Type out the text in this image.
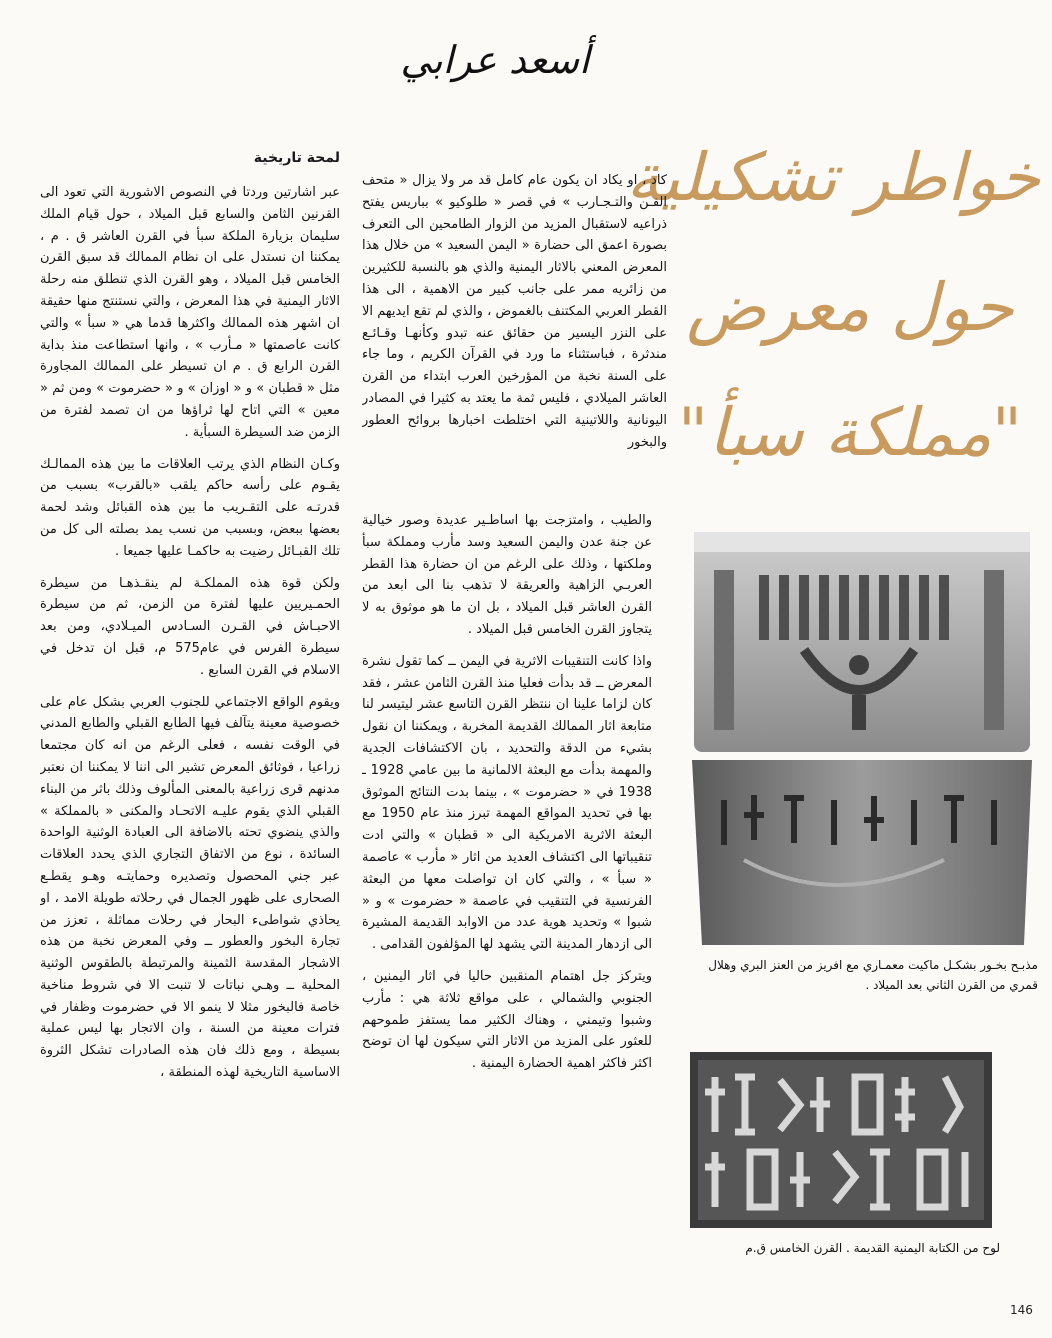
أسعد عرابي
خواطر تشكيلية
حول معرض
"مملكة سبأ"

كاد ، او يكاد ان يكون عام كامل قد مر ولا يزال « متحف الفـن والتـجـارب » في قصر « طلوكيو » بباريس يفتح ذراعيه لاستقبال المزيد من الزوار الطامحين الى التعرف بصورة اعمق الى حضارة « اليمن السعيد » من خلال هذا المعرض المعني بالاثار اليمنية والذي هو بالنسبة للكثيرين من زائريه ممر على جانب كبير من الاهمية ، الى هذا القطر العربي المكتنف بالغموض ، والذي لم تقع ايديهم الا على النزر اليسير من حقائق عنه تبدو وكأنهـا وقـائـع مندثرة ، فباستثناء ما ورد في القرآن الكريم ، وما جاء على السنة نخبة من المؤرخين العرب ابتداء من القرن العاشر الميلادي ، فليس ثمة ما يعتد به كثيرا في المصادر اليونانية واللاتينية التي اختلطت اخبارها بروائح العطور والبخور

والطيب ، وامتزجت بها اساطـير عديدة وصور خيالية عن جنة عدن واليمن السعيد وسد مأرب ومملكة سبأ وملكتها ، وذلك على الرغم من ان حضارة هذا القطر العربـي الزاهية والعريقة لا تذهب بنا الى ابعد من القرن العاشر قبل الميلاد ، بل ان ما هو موثوق به لا يتجاوز القرن الخامس قبل الميلاد .

واذا كانت التنقيبات الاثرية في اليمن ــ كما تقول نشرة المعرض ــ قد بدأت فعليا منذ القرن الثامن عشر ، فقد كان لزاما علينا ان ننتظر القرن التاسع عشر ليتيسر لنا متابعة اثار الممالك القديمة المخربة ، ويمكننا ان نقول بشيء من الدقة والتحديد ، بان الاكتشافات الجدية والمهمة بدأت مع البعثة الالمانية ما بين عامي 1928 ـ 1938 في « حضرموت » ، بينما بدت النتائج الموثوق بها في تحديد المواقع المهمة تبرز منذ عام 1950 مع البعثة الاثرية الامريكية الى « قطبان » والتي ادت تنقيباتها الى اكتشاف العديد من اثار « مأرب » عاصمة « سبأ » ، والتي كان ان تواصلت معها من البعثة الفرنسية في التنقيب في عاصمة « حضرموت » و « شبوا » وتحديد هوية عدد من الاوابد القديمة المشيرة الى ازدهار المدينة التي يشهد لها المؤلفون القدامى .

ويتركز جل اهتمام المنقبين حاليا في اثار اليمنين ، الجنوبي والشمالي ، على مواقع ثلاثة هي : مأرب وشبوا وتيمني ، وهناك الكثير مما يستفز طموحهم للعثور على المزيد من الاثار التي سيكون لها ان توضح اكثر فاكثر اهمية الحضارة اليمنية .

لمحة تاريخية

عبر اشارتين وردتا في النصوص الاشورية التي تعود الى القرنين الثامن والسابع قبل الميلاد ، حول قيام الملك سليمان بزيارة الملكة سبأ في القرن العاشر ق . م ، يمكننا ان نستدل على ان نظام الممالك قد سبق القرن الخامس قبل الميلاد ، وهو القرن الذي تنطلق منه رحلة الاثار اليمنية في هذا المعرض ، والتي نستنتج منها حقيقة ان اشهر هذه الممالك واكثرها قدما هي « سبأ » والتي كانت عاصمتها « مـأرب » ، وانها استطاعت منذ بداية القرن الرابع ق . م ان تسيطر على الممالك المجاورة مثل « قطبان » و « اوزان » و « حضرموت » ومن ثم « معين » التي اتاح لها ثراؤها من ان تصمد لفترة من الزمن ضد السيطرة السبأية .

وكـان النظام الذي يرتب العلاقات ما بين هذه الممالـك يقـوم على رأسه حاكم يلقب «بالقرب» بسبب من قدرتـه على التقـريب ما بين هذه القبائل وشد لحمة بعضها ببعض، وبسبب من نسب يمد بصلته الى كل من تلك القبـائل رضيت به حاكمـا عليها جميعا .

ولكن قوة هذه المملكـة لم ينقـذهـا من سيطرة الحمـيريين عليها لفترة من الزمن، ثم من سيطرة الاحبـاش في القـرن السـادس الميـلادي، ومن بعد سيطرة الفرس في عام575 م، قبل ان تدخل في الاسلام في القرن السابع .

ويقوم الواقع الاجتماعي للجنوب العربي بشكل عام على خصوصية معينة يتآلف فيها الطابع القبلي والطابع المدني في الوقت نفسه ، فعلى الرغم من انه كان مجتمعا زراعيا ، فوثائق المعرض تشير الى اننا لا يمكننا ان نعتبر مدنهم قرى زراعية بالمعنى المألوف وذلك باثر من البناء القبلي الذي يقوم عليـه الاتحـاد والمكنى « بالمملكة » والذي ينضوي تحته بالاضافة الى العبادة الوثنية الواحدة السائدة ، نوع من الاتفاق التجاري الذي يحدد العلاقات عبر جني المحصول وتصديره وحمايتـه وهـو يقطـع الصحارى على ظهور الجمال في رحلاته طويلة الامد ، او يحاذي شواطىء البحار في رحلات مماثلة ، تعزز من تجارة البخور والعطور ــ وفي المعرض نخبة من هذه الاشجار المقدسة الثمينة والمرتبطة بالطقوس الوثنية المحلية ــ وهـي نباتات لا تنبت الا في شروط مناخية خاصة فالبخور مثلا لا ينمو الا في حضرموت وظفار في فترات معينة من السنة ، وان الاتجار بها ليس عملية بسيطة ، ومع ذلك فان هذه الصادرات تشكل الثروة الاساسية التاريخية لهذه المنطقة ،

مذبـح بخـور بشكـل ماكيت معمـاري مع افريز من العنز البري وهلال قمري من القرن الثاني بعد الميلاد .
لوح من الكتابة اليمنية القديمة . القرن الخامس ق.م
146
